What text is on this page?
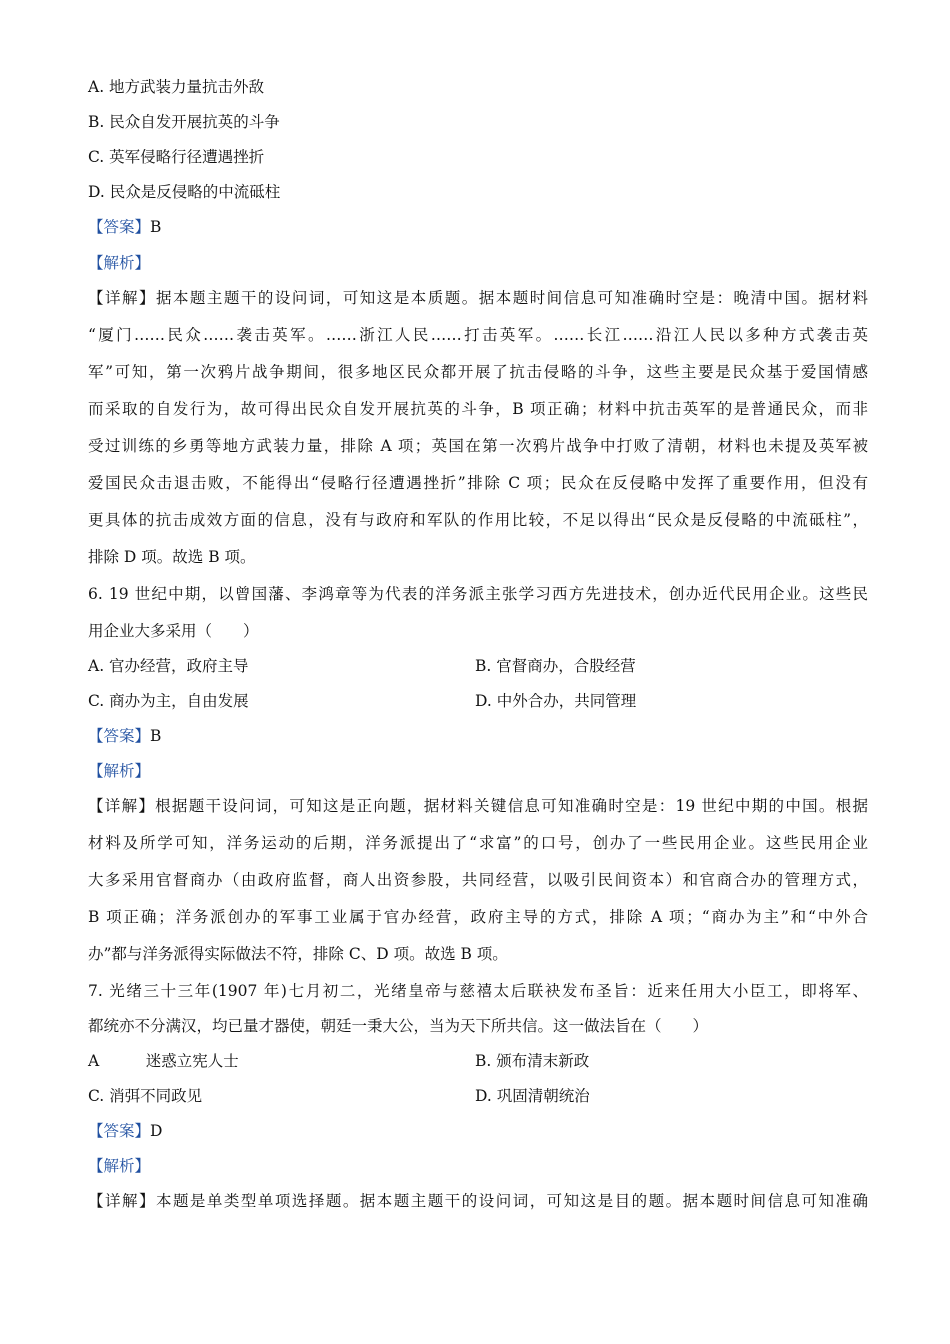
A. 地方武装力量抗击外敌
B. 民众自发开展抗英的斗争
C. 英军侵略行径遭遇挫折
D. 民众是反侵略的中流砥柱
【答案】B
【解析】
【详解】据本题主题干的设问词，可知这是本质题。据本题时间信息可知准确时空是：晚清中国。据材料
“厦门……民众……袭击英军。……浙江人民……打击英军。……长江……沿江人民以多种方式袭击英
军”可知，第一次鸦片战争期间，很多地区民众都开展了抗击侵略的斗争，这些主要是民众基于爱国情感
而采取的自发行为，故可得出民众自发开展抗英的斗争，B 项正确；材料中抗击英军的是普通民众，而非
受过训练的乡勇等地方武装力量，排除 A 项；英国在第一次鸦片战争中打败了清朝，材料也未提及英军被
爱国民众击退击败，不能得出“侵略行径遭遇挫折”排除 C 项；民众在反侵略中发挥了重要作用，但没有
更具体的抗击成效方面的信息，没有与政府和军队的作用比较，不足以得出“民众是反侵略的中流砥柱”，
排除 D 项。故选 B 项。
6. 19 世纪中期，以曾国藩、李鸿章等为代表的洋务派主张学习西方先进技术，创办近代民用企业。这些民
用企业大多采用（　　）
A. 官办经营，政府主导	B. 官督商办，合股经营
C. 商办为主，自由发展	D. 中外合办，共同管理
【答案】B
【解析】
【详解】根据题干设问词，可知这是正向题，据材料关键信息可知准确时空是：19 世纪中期的中国。根据
材料及所学可知，洋务运动的后期，洋务派提出了“求富”的口号，创办了一些民用企业。这些民用企业
大多采用官督商办（由政府监督，商人出资参股，共同经营，以吸引民间资本）和官商合办的管理方式，
B 项正确；洋务派创办的军事工业属于官办经营，政府主导的方式，排除 A 项；“商办为主”和“中外合
办”都与洋务派得实际做法不符，排除 C、D 项。故选 B 项。
7. 光绪三十三年(1907 年)七月初二，光绪皇帝与慈禧太后联袂发布圣旨：近来任用大小臣工，即将军、
都统亦不分满汉，均已量才器使，朝廷一秉大公，当为天下所共信。这一做法旨在（　　）
A　　　迷惑立宪人士	B. 颁布清末新政
C. 消弭不同政见	D. 巩固清朝统治
【答案】D
【解析】
【详解】本题是单类型单项选择题。据本题主题干的设问词，可知这是目的题。据本题时间信息可知准确
